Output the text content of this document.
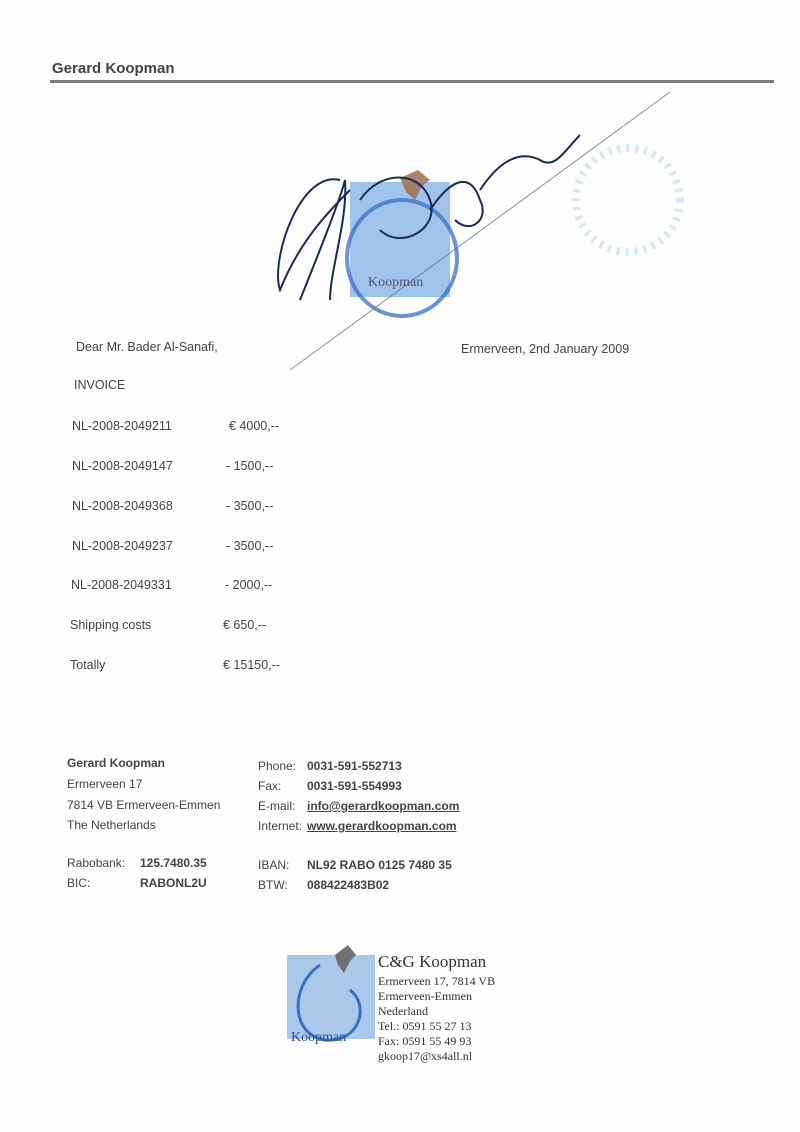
Gerard Koopman
Koopman
Dear Mr. Bader Al-Sanafi,	Ermerveen, 2nd January 2009
INVOICE
NL-2008-2049211	€ 4000,--
NL-2008-2049147	- 1500,--
NL-2008-2049368	- 3500,--
NL-2008-2049237	- 3500,--
NL-2008-2049331	- 2000,--
Shipping costs	€ 650,--
Totally	€ 15150,--
Gerard Koopman
Ermerveen 17
7814 VB Ermerveen-Emmen
The Netherlands
Phone: 0031-591-552713
Fax: 0031-591-554993
E-mail: info@gerardkoopman.com
Internet: www.gerardkoopman.com
Rabobank: 125.7480.35
BIC:	RABONL2U
IBAN: NL92 RABO 0125 7480 35
BTW: 088422483B02
Koopman
C&G Koopman
Ermerveen 17, 7814 VB
Ermerveen-Emmen
Nederland
Tel.: 0591 55 27 13
Fax: 0591 55 49 93
gkoop17@xs4all.nl
